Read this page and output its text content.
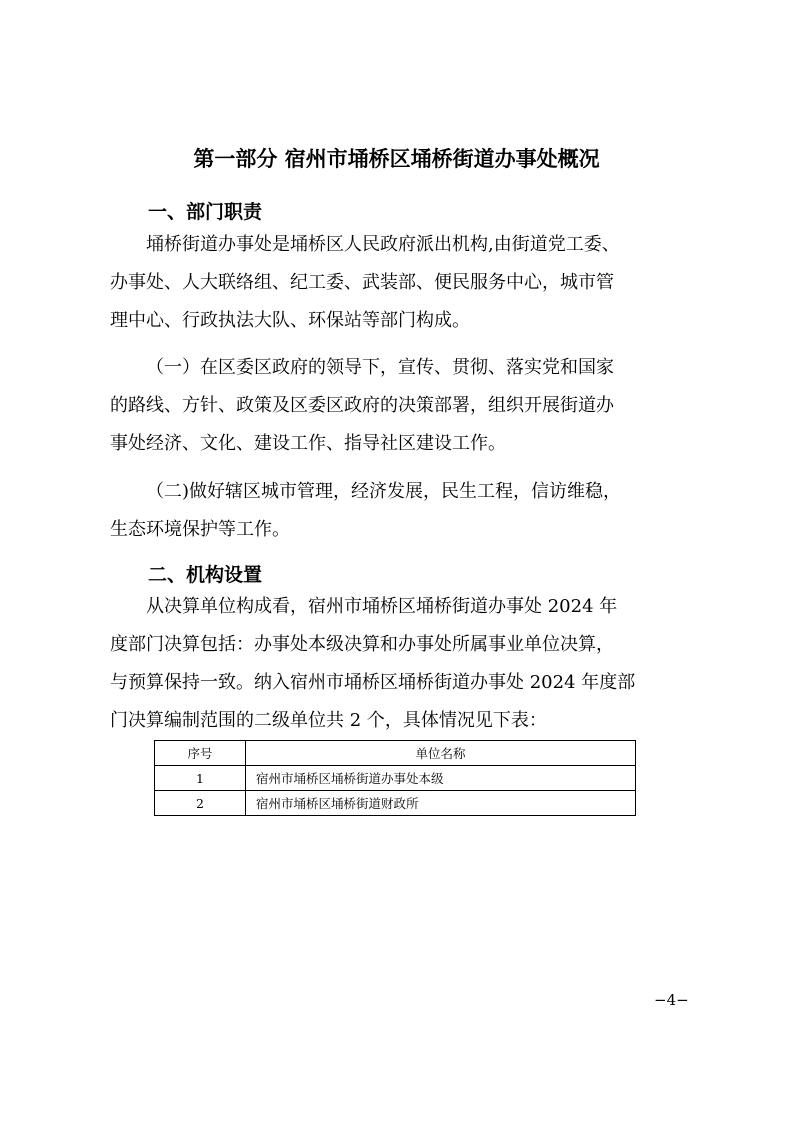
第一部分 宿州市埇桥区埇桥街道办事处概况
一、部门职责
埇桥街道办事处是埇桥区人民政府派出机构,由街道党工委、
办事处、人大联络组、纪工委、武装部、便民服务中心，城市管
理中心、行政执法大队、环保站等部门构成。
（一）在区委区政府的领导下，宣传、贯彻、落实党和国家
的路线、方针、政策及区委区政府的决策部署，组织开展街道办
事处经济、文化、建设工作、指导社区建设工作。
（二)做好辖区城市管理，经济发展，民生工程，信访维稳，
生态环境保护等工作。
二、机构设置
从决算单位构成看，宿州市埇桥区埇桥街道办事处 2024 年
度部门决算包括：办事处本级决算和办事处所属事业单位决算，
与预算保持一致。纳入宿州市埇桥区埇桥街道办事处 2024 年度部
门决算编制范围的二级单位共 2 个，具体情况见下表：
序号	单位名称
1	宿州市埇桥区埇桥街道办事处本级
2	宿州市埇桥区埇桥街道财政所
−4−
